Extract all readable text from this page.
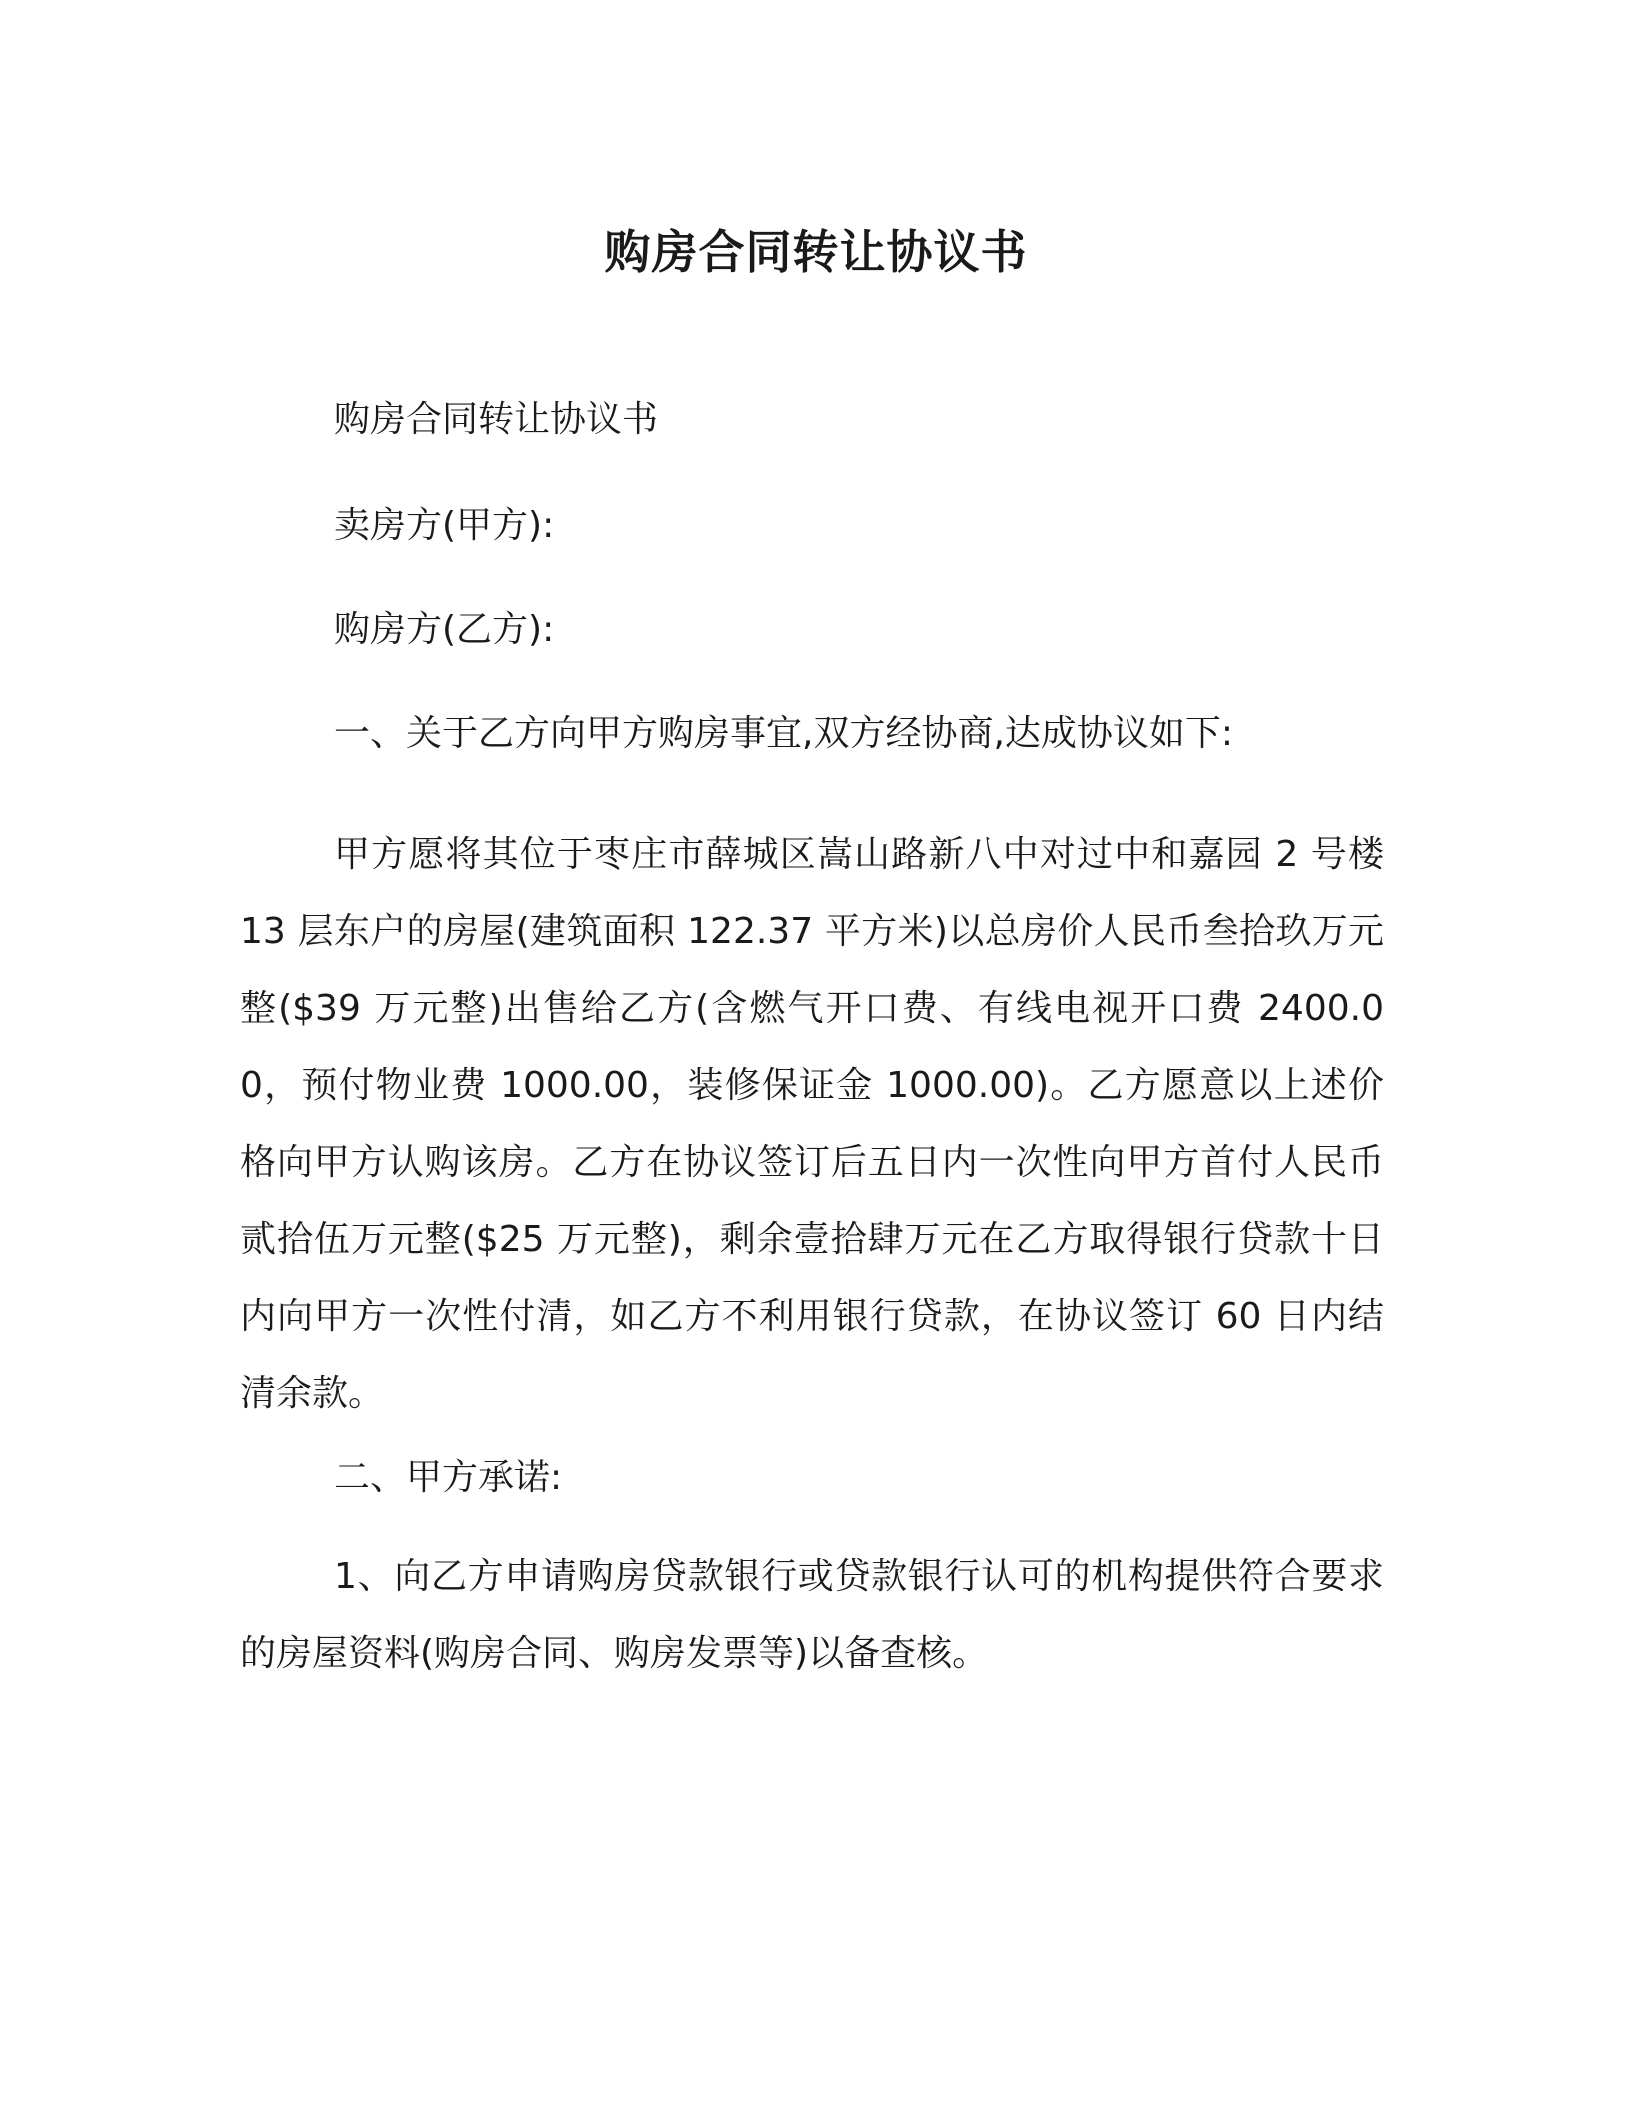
购房合同转让协议书
购房合同转让协议书
卖房方(甲方):
购房方(乙方):
一、关于乙方向甲方购房事宜,双方经协商,达成协议如下:
甲方愿将其位于枣庄市薛城区嵩山路新八中对过中和嘉园 2 号楼 13 层东户的房屋(建筑面积 122.37 平方米)以总房价人民币叁拾玖万元整($39 万元整)出售给乙方(含燃气开口费、有线电视开口费 2400.00，预付物业费 1000.00，装修保证金 1000.00)。乙方愿意以上述价格向甲方认购该房。乙方在协议签订后五日内一次性向甲方首付人民币贰拾伍万元整($25 万元整)，剩余壹拾肆万元在乙方取得银行贷款十日内向甲方一次性付清，如乙方不利用银行贷款，在协议签订 60 日内结清余款。
二、甲方承诺:
1、向乙方申请购房贷款银行或贷款银行认可的机构提供符合要求的房屋资料(购房合同、购房发票等)以备查核。
